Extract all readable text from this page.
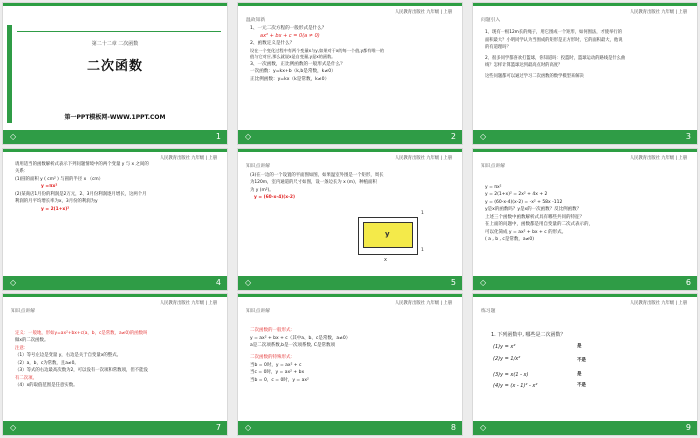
◇	1
第二十二章 二次函数
二次函数
第一PPT模板网-WWW.1PPT.COM
人民教育出版社 九年级 | 上册
温故知新

1、一元二次方程的一般形式是什么？

ax² + bx + c = 0(a ≠ 0)

2、函数定义是什么？

设在一个变化过程中有两个变量x与y,如果对于x的每一个值,y都有唯一的

值与它对应,那么就说x是自变量,y是x的函数。

3、一次函数，正比例函数的一般形式是什么？

一次函数：y=kx+b（k,b是常数，k≠0）

正比例函数：y=kx（k是常数，k≠0）

◇	2
人民教育出版社 九年级 | 上册
问题引入

1、现有一根12m长的绳子，用它围成一个矩形，如何围法，才使举行的

面积最大？小明同学认为当围成的矩形是正方形时，它的面积最大，他说

的有道理吗？

2、很多同学都喜欢打篮球，你知道吗：投篮时，篮球运动的路线是什么曲

线？怎样计算篮球达到最高点时的高度？

这些问题都可以通过学习二次函数的数学模型来解决

◇	3
人民教育出版社 九年级 | 上册

请用适当的函数解析式表示下列问题情境中的两个变量 y 与 x 之间的

关系：

(1)圆的面积 y ( cm² ) 与圆的半径 x （cm）

y =πx²

(2)某商店1月份的利润是2万元，2、3月份利润逐月增长，这两个月

利润的月平均增长率为x，3月份的利润为y

y = 2(1+x)²

◇	4
人民教育出版社 九年级 | 上册
知识点讲解

(3)在一边的一个设置的平面图如图，如果温室外围是一个矩形，周长

为120m，室内通道的尺寸如图，设一条边长为 x (m)，种植面积

为 y (m²)。

y = (60-x-4)(x-2)

y
x
1
1
◇	5
人民教育出版社 九年级 | 上册
知识点讲解

y = πx²

y = 2(1+x)² = 2x² + 4x + 2

y = (60-x-4)(x-2) = -x² + 58x -112

y是x的函数吗？y是x的一次函数？反比例函数？

上述三个函数中函数解析式具有哪些共同的特征？

在上面的问题中，函数都是用自变量的二次式表示的，

可以化简成 y = ax² + bx + c 的形式。

( a , b , c是常数，a≠0)

◇	6
人民教育出版社 九年级 | 上册
知识点讲解

定义：一般地，形如y=ax²+bx+c(a，b，c是常数，a≠0)的函数叫

做x的二次函数。

注意：

（1）等号左边是变量 y，右边是关于自变量x的整式。

（2）a，b，c为常数，且a≠0。

（3）等式的右边最高次数为2，可以没有一次项和常数项，但不能没

有二次项。

（4）x的取值范围是任意实数。

◇	7
人民教育出版社 九年级 | 上册
知识点讲解

二次函数的一般形式：

y = ax² + bx + c（其中a、b、c是常数，a≠0）

a是二次项系数,b是一次项系数, C是常数项

二次函数的特殊形式：

当b = 0时，y = ax² + c

当c = 0时，y = ax² + bx

当b = 0，c = 0时，y = ax²

◇	8
人民教育出版社 九年级 | 上册
练习题
1. 下列函数中, 哪些是二次函数？
(1)y = x²	是
(2)y = 1/x²	不是
(3)y = x(1 - x)	是
(4)y = (x - 1)² - x²	不是
◇	9
